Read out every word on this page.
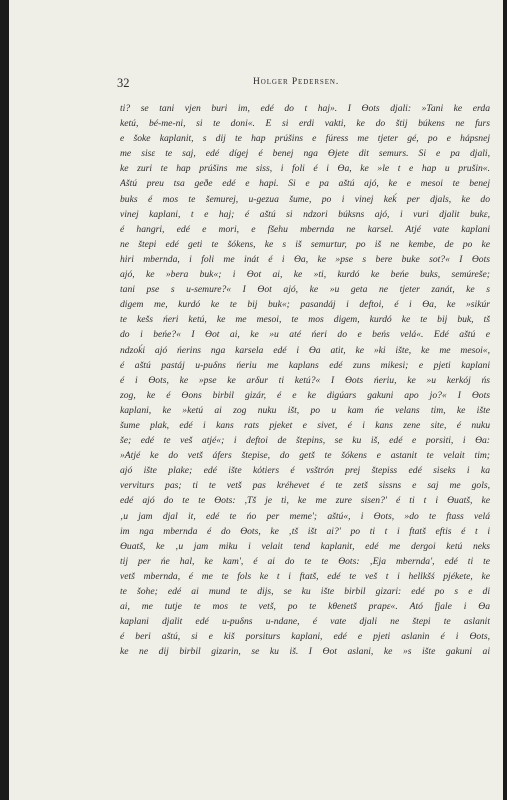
32	Holger Pedersen.
ti? se tani vjen buri im, edé do t haj». I Ɵots djali: »Tani ke erda
ketú, bé-me-ni, si te doni«. E si erdi vakti, ke do štij búkens ne furs
e šoke kaplanit, s dij te hap prúšins e fúress me tjeter gé, po e hápsnej
me sisε te saj, edé dígej é benej nga Ɵjete dit semurs. Si e pa djali,
ke zuri te hap prúšins me siss, i foli é i Ɵa, ke »le t e hap u prušin«.
Aštú preu tsa geðe edé e hapi. Si e pa aštú ajó, ke e mesoi te benej
buks é mos te šemurej, u-gezua šume, po i vinej keḱ per djals, ke do
vinej kaplani, t e haj; é aštú si ndzori búksns ajó, i vuri djalit bukε,
é hangri, edé e mori, e fšehu mbernda ne karsel. Atjé vate kaplani
ne štepi edé geti te šókens, ke s iš semurtur, po iš ne kembe, de po ke
hiri mbernda, i foli me inát é i Ɵa, ke »pse s bere buke sot?« I Ɵots
ajó, ke »bera buk«; i Ɵot ai, ke »ti, kurdó ke beńe buks, semúreše;
tani pse s u-semure?« I Ɵot ajó, ke »u geta ne tjeter zanát, ke s
digem me, kurdó ke te bij buk«; pasandáj i deftoi, é i Ɵa, ke »sikúr
te kešs ńeri ketú, ke me mesoi, te mos digem, kurdó ke te bij buk, tš
do i beńe?« I Ɵot ai, ke »u até ńeri do e beńs velá«. Edé aštú e
ndzoḱi ajó ńerins nga karsela edé i Ɵa atit, ke »ki ište, ke me mesoi«,
é aštú pastáj u-puδns ńeriu me kaplans edé zuns mikesi; e pjeti kaplani
é i Ɵots, ke »pse ke arδur ti ketú?« I Ɵots ńeriu, ke »u kerkój ńs
zog, ke é Ɵons birbil gizár, é e ke digúars gakuni apo jo?« I Ɵots
kaplani, ke »ketú ai zog nuku išt, po u kam ńe velans tim, ke ište
šume plak, edé i kans rats pjeket e sivet, é i kans zene site, é nuku
še; edé te veš atjé«; i deftoi de štepins, se ku iš, edé e porsiti, i Ɵa:
»Atjé ke do vetš áfers štepise, do getš te šókens e astanit te velait tim;
ajó ište plake; edé ište kόtiers é vsštrón prej štepiss edé siseks i ka
verviturs pas; ti te vetš pas kréhevet é te zetš sissns e saj me gols,
edé ajó do te te Ɵots: ,Tš je ti, ke me zure sisen?' é ti t i Ɵuatš, ke
‚u jam djal it, edé te ńo per meme'; aštú«, i Ɵots, »do te ftass velá
im nga mbernda é do Ɵots, ke ‚tš išt ai?' po ti t i ftatš eftis é t i
Ɵuatš, ke ‚u jam miku i velait tend kaplanit, edé me dergoi ketú neks
tij per ńe hal, ke kam', é ai do te te Ɵots: ‚Eja mbernda', edé ti te
vetš mbernda, é me te fols ke t i ftatš, edé te veš t i hellkšś pjékete, ke
te šohe; edé ai mund te dijs, se ku ište birbil gizari: edé po s e di
ai, me tutje te mos te vetš, po te kθenetš prapε«. Ató fjale i Ɵa
kaplani djalit edé u-puδns u-ndane, é vate djali ne štepi te aslanit
é beri aštú, si e kiš porsiturs kaplani, edé e pjeti aslanin é i Ɵots,
ke ne dij birbil gizarin, se ku iš. I Ɵot aslani, ke »s ište gakuni ai
